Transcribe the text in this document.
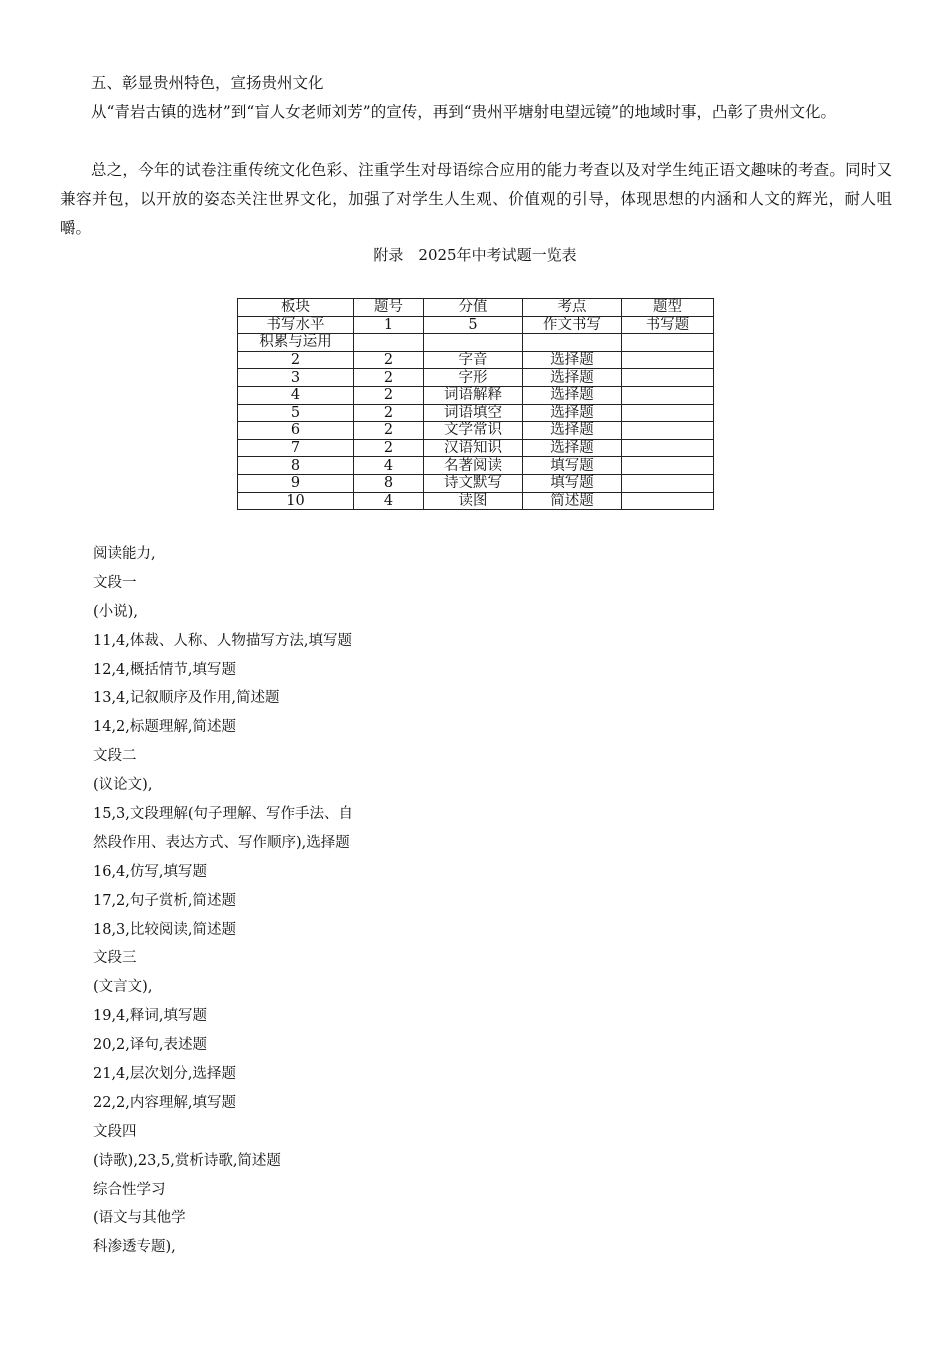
五、彰显贵州特色，宣扬贵州文化

从“青岩古镇的选材”到“盲人女老师刘芳”的宣传，再到“贵州平塘射电望远镜”的地域时事，凸彰了贵州文化。

总之，今年的试卷注重传统文化色彩、注重学生对母语综合应用的能力考查以及对学生纯正语文趣味的考查。同时又兼容并包，以开放的姿态关注世界文化，加强了对学生人生观、价值观的引导，体现思想的内涵和人文的辉光，耐人咀嚼。

附录　2025年中考试题一览表
板块	题号	分值	考点	题型
书写水平	1	5	作文书写	书写题
积累与运用				
2	2	字音	选择题	
3	2	字形	选择题	
4	2	词语解释	选择题	
5	2	词语填空	选择题	
6	2	文学常识	选择题	
7	2	汉语知识	选择题	
8	4	名著阅读	填写题	
9	8	诗文默写	填写题	
10	4	读图	简述题	
阅读能力,
文段一
(小说),
11,4,体裁、人称、人物描写方法,填写题
12,4,概括情节,填写题
13,4,记叙顺序及作用,简述题
14,2,标题理解,简述题
文段二
(议论文),
15,3,文段理解(句子理解、写作手法、自
然段作用、表达方式、写作顺序),选择题
16,4,仿写,填写题
17,2,句子赏析,简述题
18,3,比较阅读,简述题
文段三
(文言文),
19,4,释词,填写题
20,2,译句,表述题
21,4,层次划分,选择题
22,2,内容理解,填写题
文段四
(诗歌),23,5,赏析诗歌,简述题
综合性学习
(语文与其他学
科渗透专题),
